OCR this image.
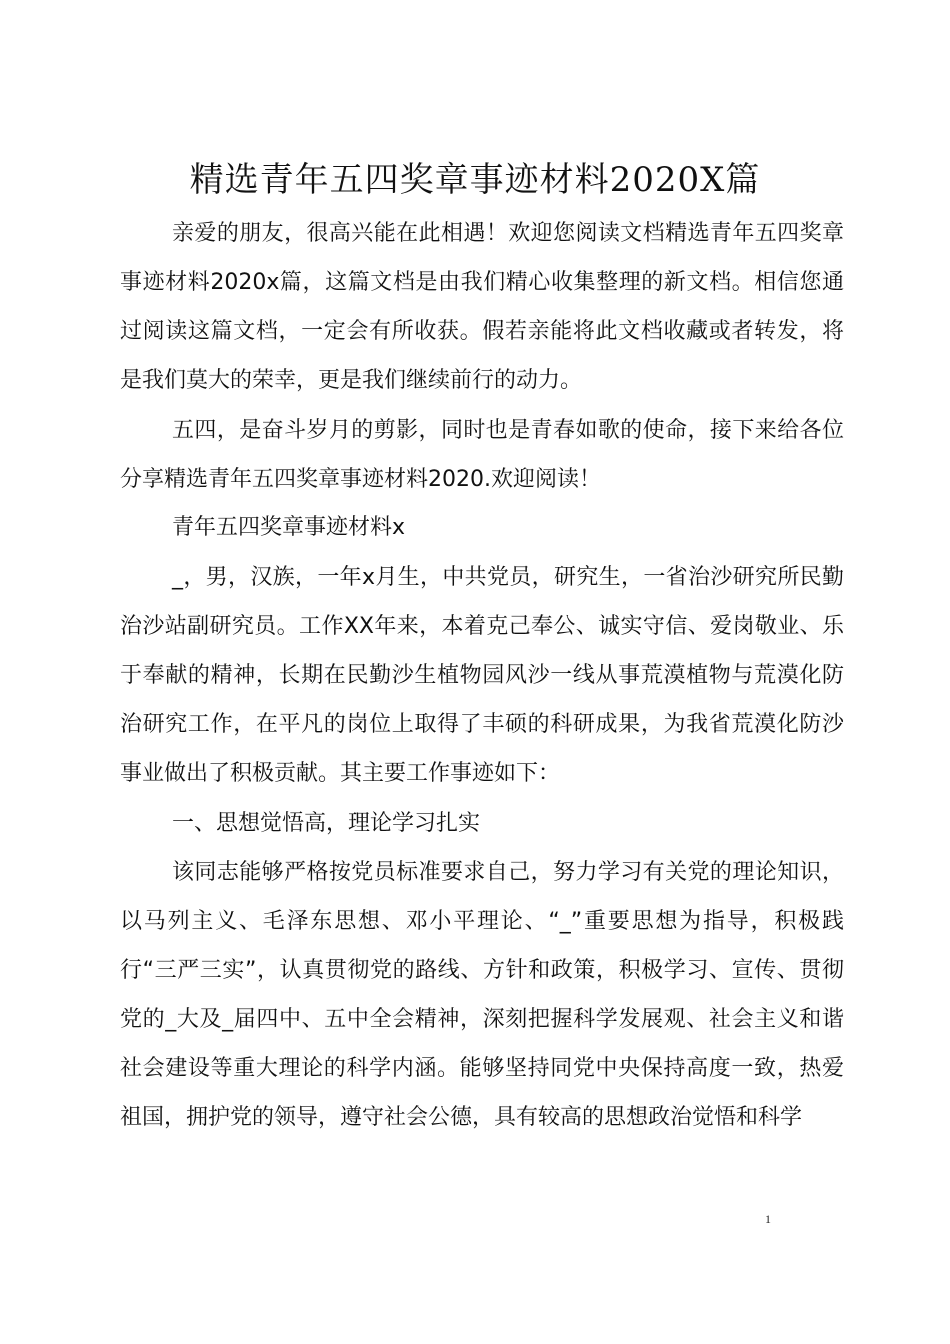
精选青年五四奖章事迹材料2020X篇

亲爱的朋友，很高兴能在此相遇！欢迎您阅读文档精选青年五四奖章事迹材料2020x篇，这篇文档是由我们精心收集整理的新文档。相信您通过阅读这篇文档，一定会有所收获。假若亲能将此文档收藏或者转发，将是我们莫大的荣幸，更是我们继续前行的动力。

五四，是奋斗岁月的剪影，同时也是青春如歌的使命，接下来给各位分享精选青年五四奖章事迹材料2020.欢迎阅读！

青年五四奖章事迹材料x

_，男，汉族，一年x月生，中共党员，研究生，一省治沙研究所民勤治沙站副研究员。工作XX年来，本着克己奉公、诚实守信、爱岗敬业、乐于奉献的精神，长期在民勤沙生植物园风沙一线从事荒漠植物与荒漠化防治研究工作，在平凡的岗位上取得了丰硕的科研成果，为我省荒漠化防沙事业做出了积极贡献。其主要工作事迹如下：

一、思想觉悟高，理论学习扎实

该同志能够严格按党员标准要求自己，努力学习有关党的理论知识，以马列主义、毛泽东思想、邓小平理论、“_”重要思想为指导，积极践行“三严三实”，认真贯彻党的路线、方针和政策，积极学习、宣传、贯彻党的_大及_届四中、五中全会精神，深刻把握科学发展观、社会主义和谐社会建设等重大理论的科学内涵。能够坚持同党中央保持高度一致，热爱祖国，拥护党的领导，遵守社会公德，具有较高的思想政治觉悟和科学

1
